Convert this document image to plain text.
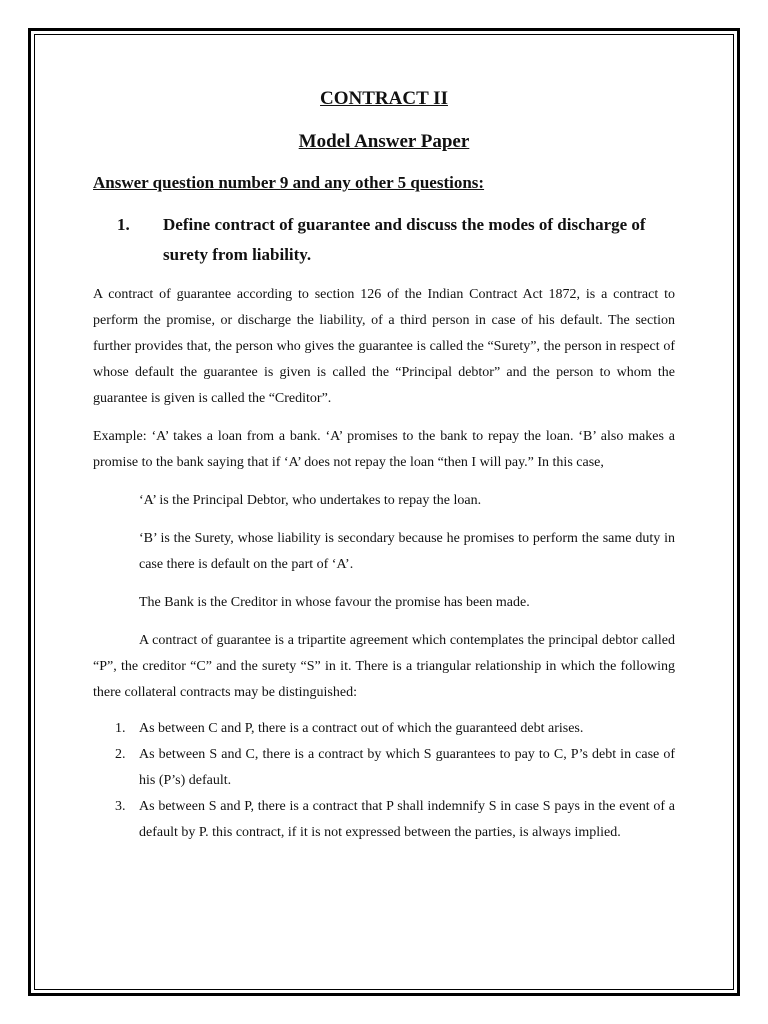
CONTRACT II
Model Answer Paper
Answer question number 9 and any other 5 questions:
1.	Define contract of guarantee and discuss the modes of discharge of surety from liability.

A contract of guarantee according to section 126 of the Indian Contract Act 1872, is a contract to perform the promise, or discharge the liability, of a third person in case of his default. The section further provides that, the person who gives the guarantee is called the “Surety”, the person in respect of whose default the guarantee is given is called the “Principal debtor” and the person to whom the guarantee is given is called the “Creditor”.

Example: ‘A’ takes a loan from a bank. ‘A’ promises to the bank to repay the loan. ‘B’ also makes a promise to the bank saying that if ‘A’ does not repay the loan “then I will pay.” In this case,

‘A’ is the Principal Debtor, who undertakes to repay the loan.

‘B’ is the Surety, whose liability is secondary because he promises to perform the same duty in case there is default on the part of ‘A’.

The Bank is the Creditor in whose favour the promise has been made.

A contract of guarantee is a tripartite agreement which contemplates the principal debtor called “P”, the creditor “C” and the surety “S” in it. There is a triangular relationship in which the following there collateral contracts may be distinguished:

1. As between C and P, there is a contract out of which the guaranteed debt arises.
2. As between S and C, there is a contract by which S guarantees to pay to C, P’s debt in case of his (P’s) default.
3. As between S and P, there is a contract that P shall indemnify S in case S pays in the event of a default by P. this contract, if it is not expressed between the parties, is always implied.
